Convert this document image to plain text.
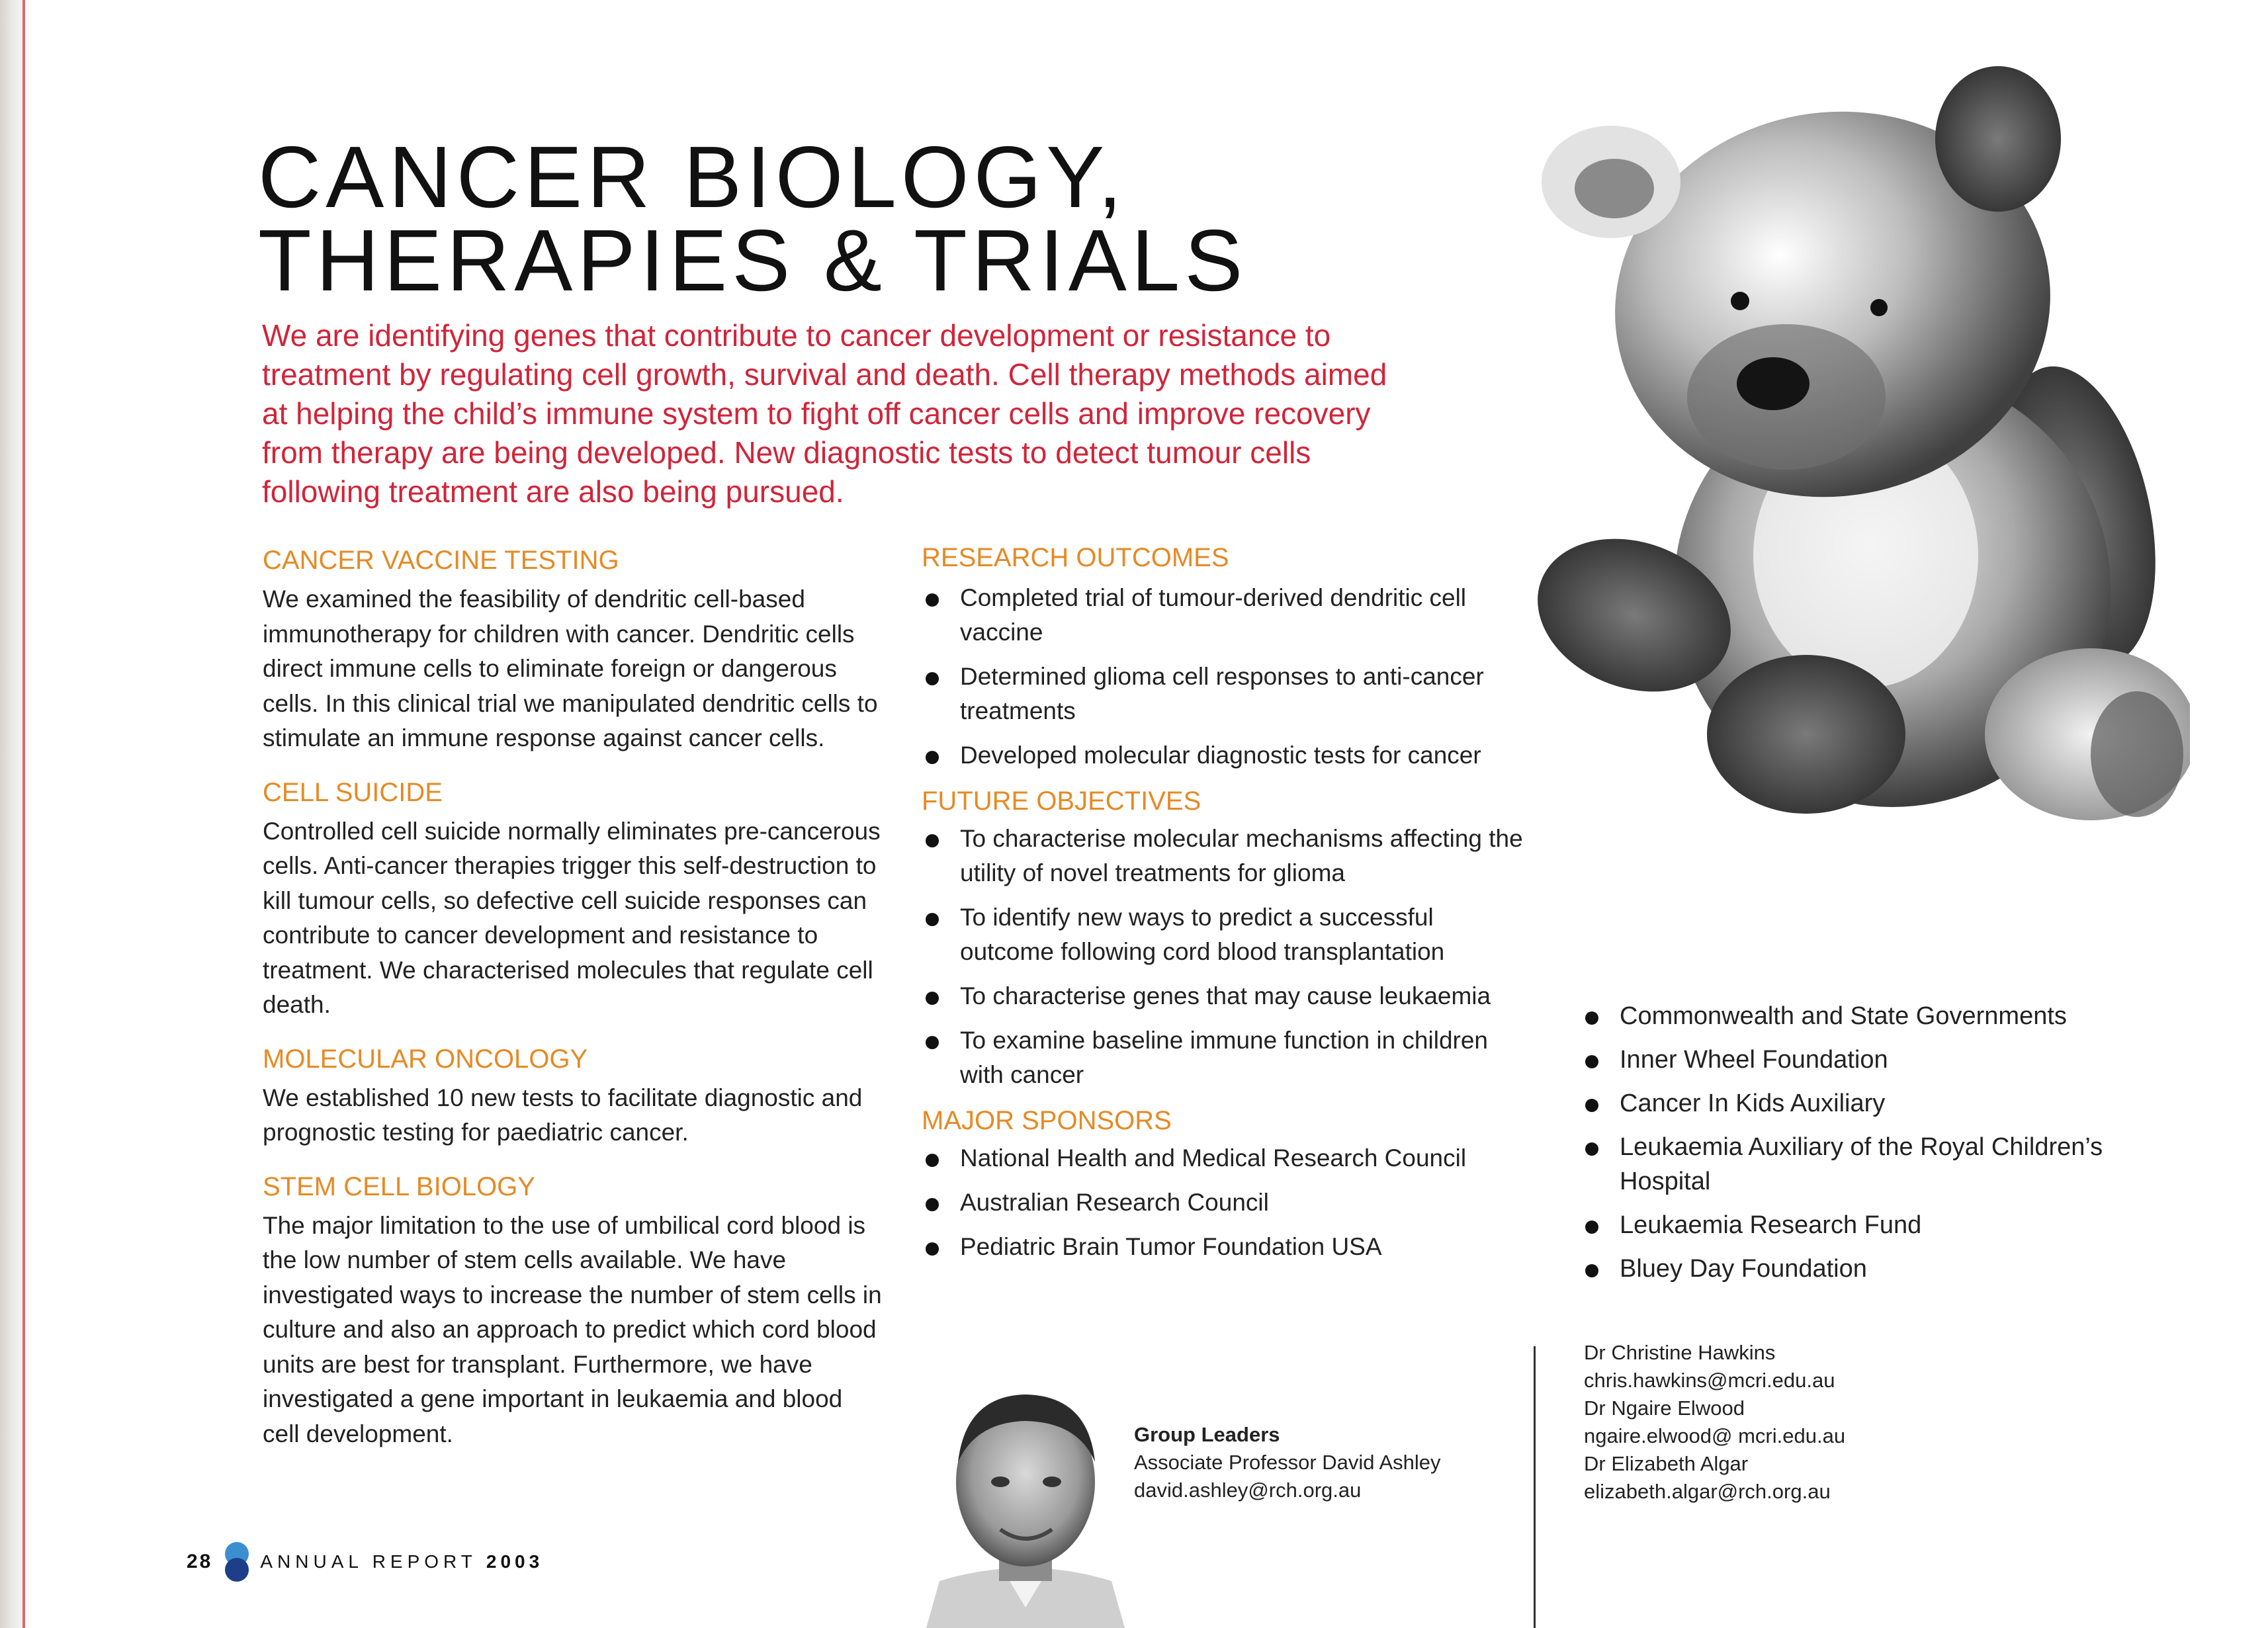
CANCER BIOLOGY,
THERAPIES & TRIALS

We are identifying genes that contribute to cancer development or resistance to treatment by regulating cell growth, survival and death. Cell therapy methods aimed at helping the child’s immune system to fight off cancer cells and improve recovery from therapy are being developed. New diagnostic tests to detect tumour cells following treatment are also being pursued.

CANCER VACCINE TESTING

We examined the feasibility of dendritic cell-based immunotherapy for children with cancer. Dendritic cells direct immune cells to eliminate foreign or dangerous cells. In this clinical trial we manipulated dendritic cells to stimulate an immune response against cancer cells.

CELL SUICIDE

Controlled cell suicide normally eliminates pre-cancerous cells. Anti-cancer therapies trigger this self-destruction to kill tumour cells, so defective cell suicide responses can contribute to cancer development and resistance to treatment. We characterised molecules that regulate cell death.

MOLECULAR ONCOLOGY

We established 10 new tests to facilitate diagnostic and prognostic testing for paediatric cancer.

STEM CELL BIOLOGY

The major limitation to the use of umbilical cord blood is the low number of stem cells available. We have investigated ways to increase the number of stem cells in culture and also an approach to predict which cord blood units are best for transplant. Furthermore, we have investigated a gene important in leukaemia and blood cell development.

RESEARCH OUTCOMES
Completed trial of tumour-derived dendritic cell vaccine
Determined glioma cell responses to anti-cancer treatments
Developed molecular diagnostic tests for cancer
FUTURE OBJECTIVES
To characterise molecular mechanisms affecting the utility of novel treatments for glioma
To identify new ways to predict a successful outcome following cord blood transplantation
To characterise genes that may cause leukaemia
To examine baseline immune function in children with cancer
MAJOR SPONSORS
National Health and Medical Research Council
Australian Research Council
Pediatric Brain Tumor Foundation USA
Commonwealth and State Governments
Inner Wheel Foundation
Cancer In Kids Auxiliary
Leukaemia Auxiliary of the Royal Children’s Hospital
Leukaemia Research Fund
Bluey Day Foundation
Group Leaders
Associate Professor David Ashley
david.ashley@rch.org.au
Dr Christine Hawkins
chris.hawkins@mcri.edu.au
Dr Ngaire Elwood
ngaire.elwood@ mcri.edu.au
Dr Elizabeth Algar
elizabeth.algar@rch.org.au
28	ANNUAL REPORT 2003
